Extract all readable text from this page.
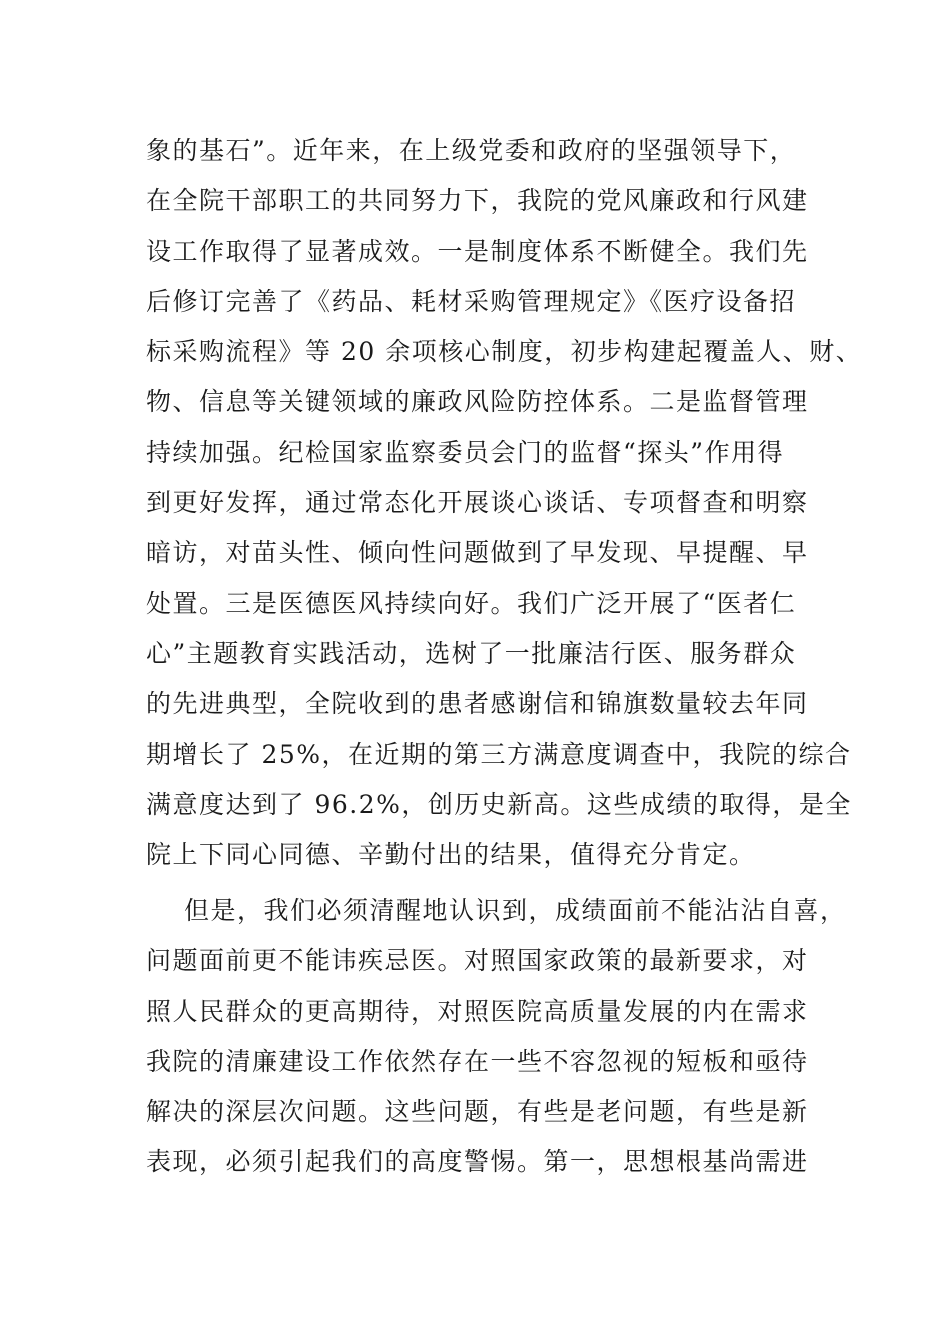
象的基石”。近年来，在上级党委和政府的坚强领导下，
在全院干部职工的共同努力下，我院的党风廉政和行风建
设工作取得了显著成效。一是制度体系不断健全。我们先
后修订完善了《药品、耗材采购管理规定》《医疗设备招
标采购流程》等 20 余项核心制度，初步构建起覆盖人、财、
物、信息等关键领域的廉政风险防控体系。二是监督管理
持续加强。纪检国家监察委员会门的监督“探头”作用得
到更好发挥，通过常态化开展谈心谈话、专项督查和明察
暗访，对苗头性、倾向性问题做到了早发现、早提醒、早
处置。三是医德医风持续向好。我们广泛开展了“医者仁
心”主题教育实践活动，选树了一批廉洁行医、服务群众
的先进典型，全院收到的患者感谢信和锦旗数量较去年同
期增长了 25%，在近期的第三方满意度调查中，我院的综合
满意度达到了 96.2%，创历史新高。这些成绩的取得，是全
院上下同心同德、辛勤付出的结果，值得充分肯定。
但是，我们必须清醒地认识到，成绩面前不能沾沾自喜，
问题面前更不能讳疾忌医。对照国家政策的最新要求，对
照人民群众的更高期待，对照医院高质量发展的内在需求
我院的清廉建设工作依然存在一些不容忽视的短板和亟待
解决的深层次问题。这些问题，有些是老问题，有些是新
表现，必须引起我们的高度警惕。第一，思想根基尚需进
